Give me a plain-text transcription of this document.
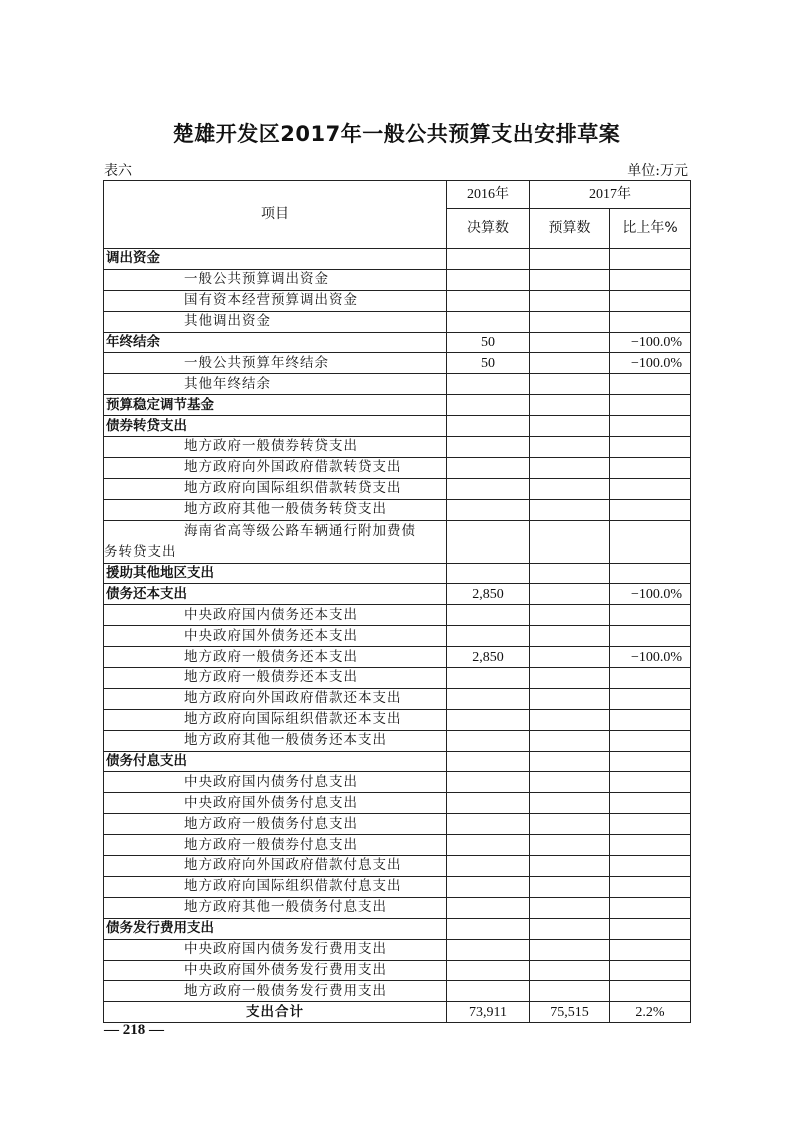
楚雄开发区2017年一般公共预算支出安排草案
表六	单位:万元
项目	2016年	2017年	
	决算数	预算数	比上年%
调出资金			
一般公共预算调出资金			
国有资本经营预算调出资金			
其他调出资金			
年终结余	50		−100.0%
一般公共预算年终结余	50		−100.0%
其他年终结余			
预算稳定调节基金			
债券转贷支出			
地方政府一般债券转贷支出			
地方政府向外国政府借款转贷支出			
地方政府向国际组织借款转贷支出			
地方政府其他一般债务转贷支出			

海南省高等级公路车辆通行附加费债
务转贷支出			

援助其他地区支出			
债务还本支出	2,850		−100.0%
中央政府国内债务还本支出			
中央政府国外债务还本支出			
地方政府一般债务还本支出	2,850		−100.0%
地方政府一般债券还本支出			
地方政府向外国政府借款还本支出			
地方政府向国际组织借款还本支出			
地方政府其他一般债务还本支出			
债务付息支出			
中央政府国内债务付息支出			
中央政府国外债务付息支出			
地方政府一般债务付息支出			
地方政府一般债券付息支出			
地方政府向外国政府借款付息支出			
地方政府向国际组织借款付息支出			
地方政府其他一般债务付息支出			
债务发行费用支出			
中央政府国内债务发行费用支出			
中央政府国外债务发行费用支出			
地方政府一般债务发行费用支出			
支出合计	73,911	75,515	2.2%
— 218 —
